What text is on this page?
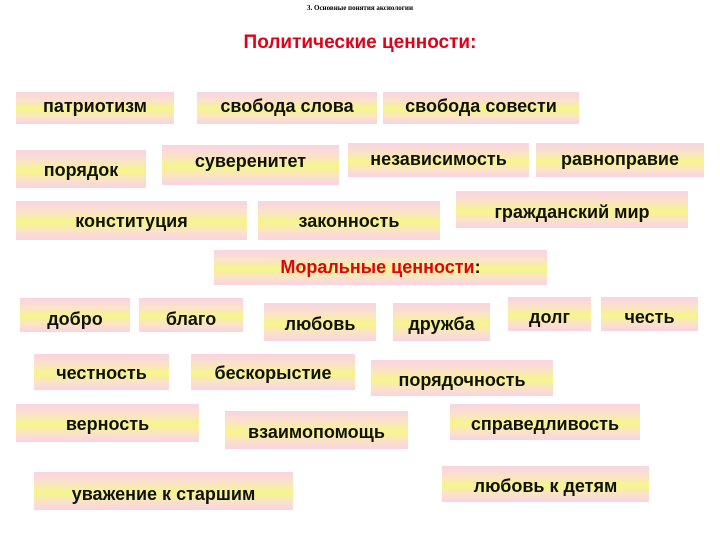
3. Основные понятия аксиологии
Политические ценности:
патриотизм	свобода слова	свобода совести
порядок	суверенитет	независимость	равноправие
конституция	законность	гражданский мир
Моральные ценности:
добро	благо	любовь	дружба	долг	честь
честность	бескорыстие	порядочность
верность	взаимопомощь	справедливость
уважение к старшим	любовь к детям
